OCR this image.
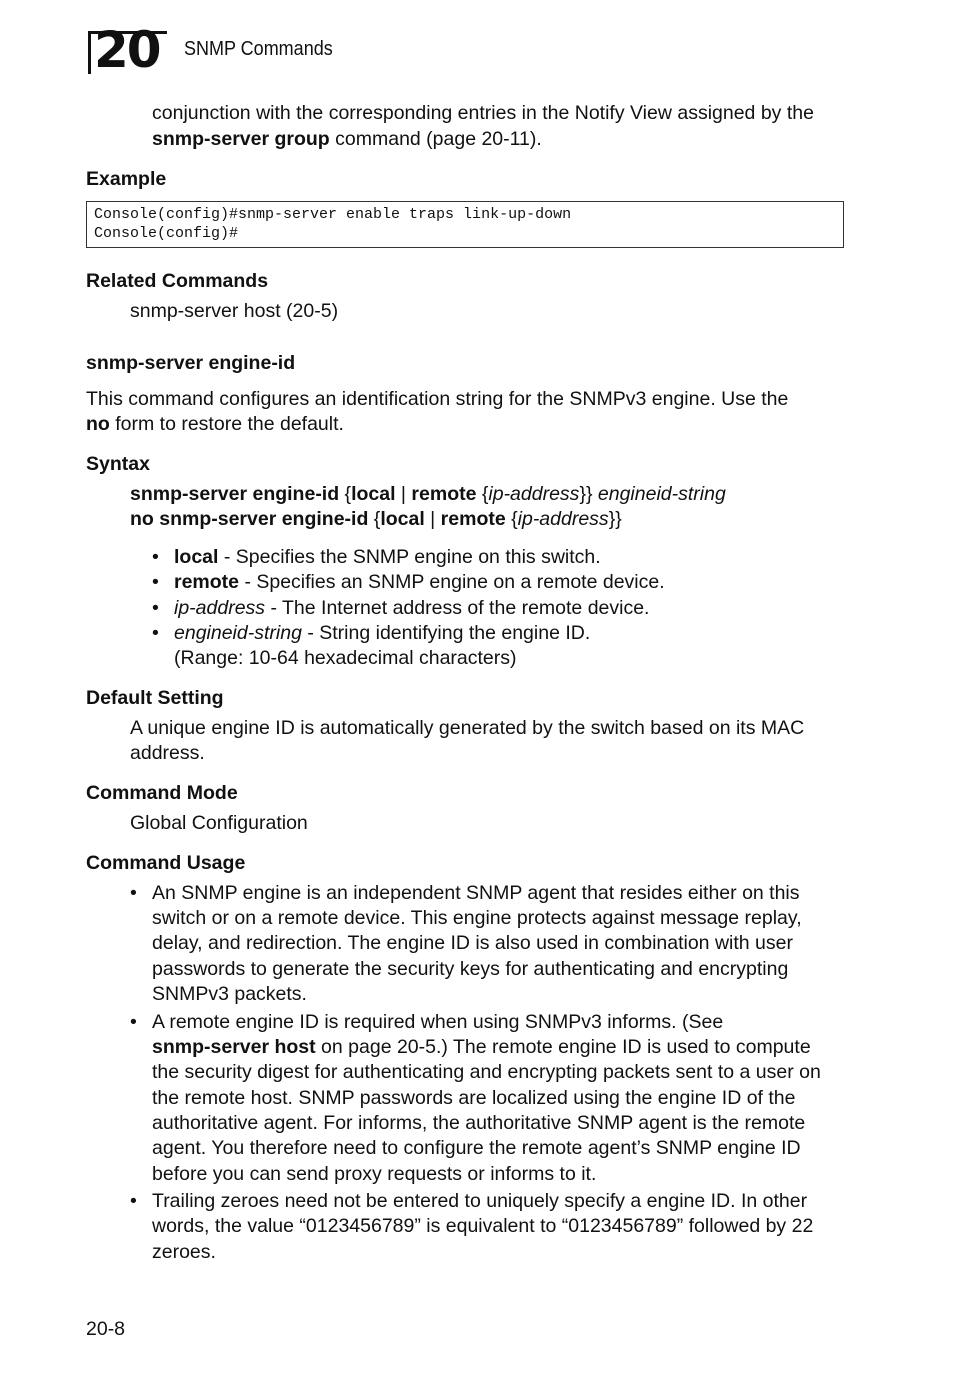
20 SNMP Commands
conjunction with the corresponding entries in the Notify View assigned by the
snmp-server group command (page 20-11).
Example
Console(config)#snmp-server enable traps link-up-down
Console(config)#
Related Commands
snmp-server host (20-5)
snmp-server engine-id
This command configures an identification string for the SNMPv3 engine. Use the
no form to restore the default.
Syntax
snmp-server engine-id {local | remote {ip-address}} engineid-string
no snmp-server engine-id {local | remote {ip-address}}
• local - Specifies the SNMP engine on this switch.
• remote - Specifies an SNMP engine on a remote device.
• ip-address - The Internet address of the remote device.
• engineid-string - String identifying the engine ID.
(Range: 10-64 hexadecimal characters)
Default Setting
A unique engine ID is automatically generated by the switch based on its MAC
address.
Command Mode
Global Configuration
Command Usage
• An SNMP engine is an independent SNMP agent that resides either on this
switch or on a remote device. This engine protects against message replay,
delay, and redirection. The engine ID is also used in combination with user
passwords to generate the security keys for authenticating and encrypting
SNMPv3 packets.
• A remote engine ID is required when using SNMPv3 informs. (See
snmp-server host on page 20-5.) The remote engine ID is used to compute
the security digest for authenticating and encrypting packets sent to a user on
the remote host. SNMP passwords are localized using the engine ID of the
authoritative agent. For informs, the authoritative SNMP agent is the remote
agent. You therefore need to configure the remote agent’s SNMP engine ID
before you can send proxy requests or informs to it.
• Trailing zeroes need not be entered to uniquely specify a engine ID. In other
words, the value “0123456789” is equivalent to “0123456789” followed by 22
zeroes.
20-8
